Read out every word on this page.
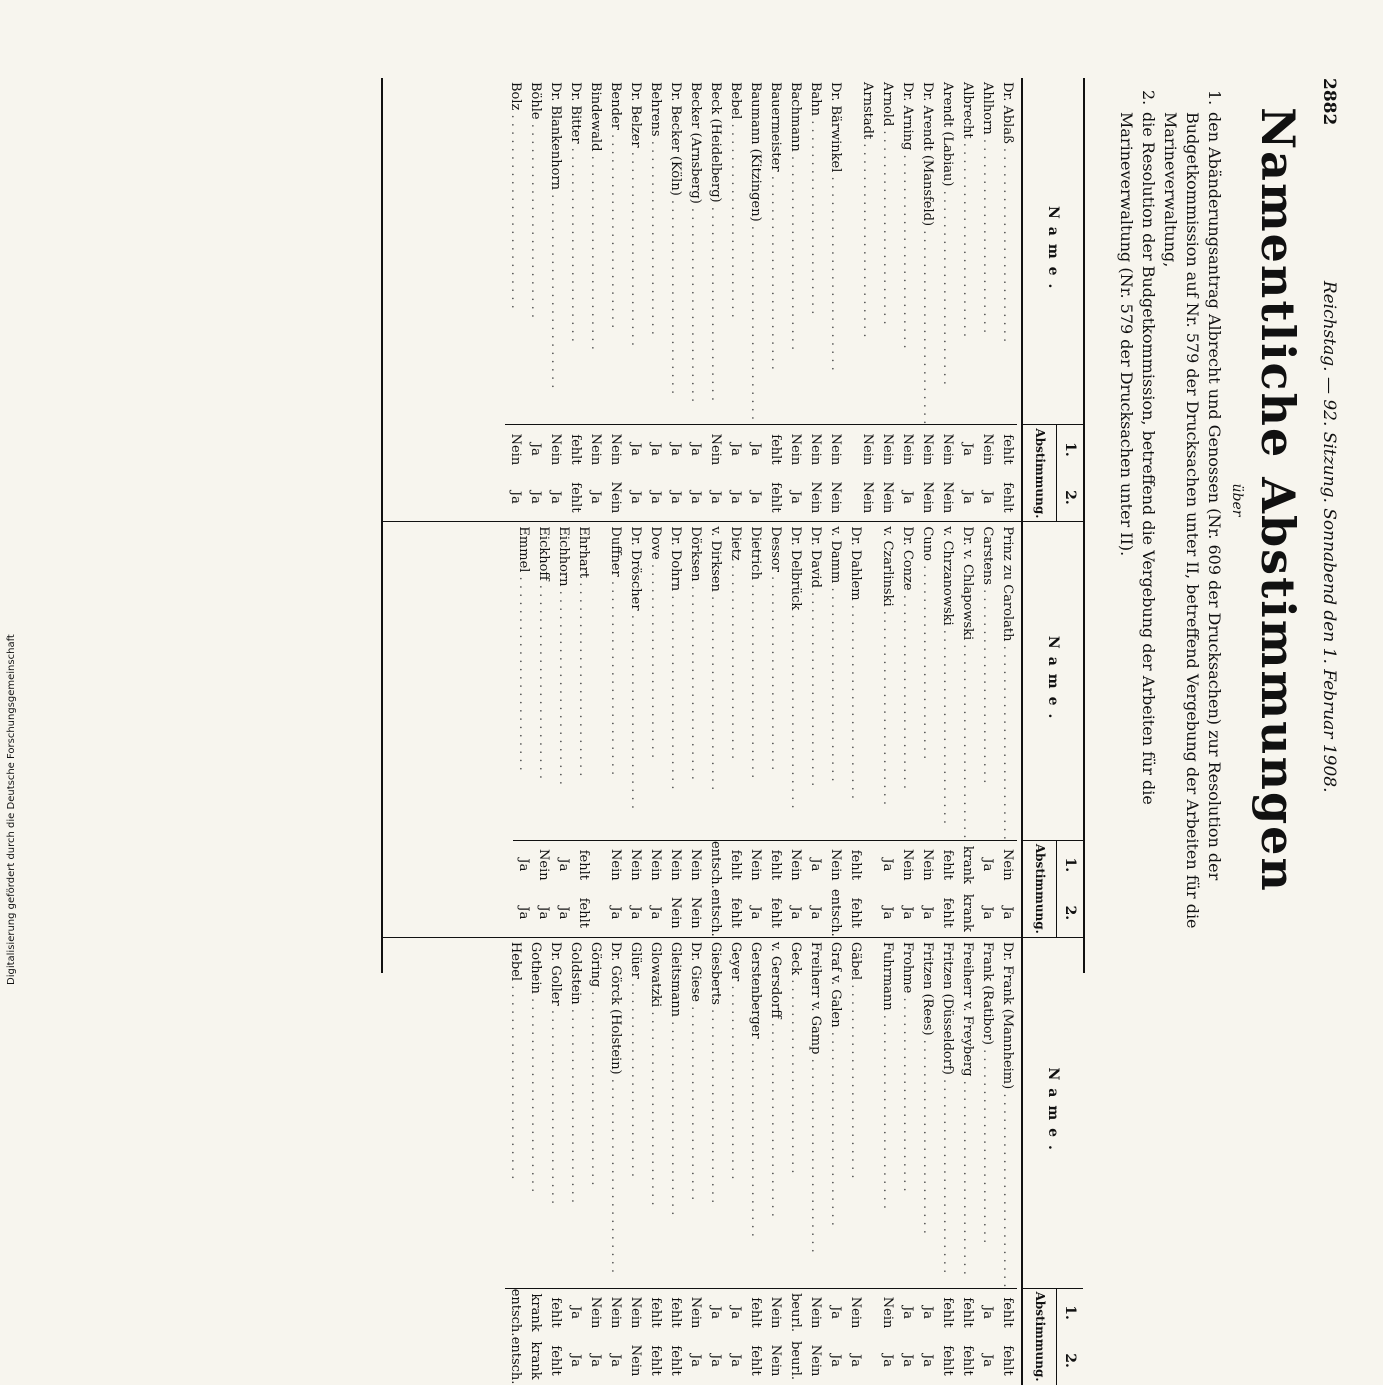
Digitalisierung gefördert durch die Deutsche Forschungsgemeinschaft
2882
Reichstag. — 92. Sitzung. Sonnabend den 1. Februar 1908.
Namentliche Abstimmungen
über
1.
den Abänderungsantrag Albrecht und Genossen (Nr. 609 der Drucksachen) zur Resolution der Budgetkommission auf Nr. 579 der Drucksachen unter II, betreffend Vergebung der Arbeiten für die Marineverwaltung,
2.
die Resolution der Budgetkommission, betreffend die Vergebung der Arbeiten für die Marineverwaltung (Nr. 579 der Drucksachen unter II).
Name.
1.
2.
Abstimmung.
Dr. Ablaß . . .
fehlt
fehlt
Ahlhorn . . .
Nein
Ja
Albrecht . . .
Ja
Ja
Arendt (Labiau) . . .
Nein
Nein
Dr. Arendt (Mansfeld) . . .
Nein
Nein
Dr. Arning . . .
Nein
Ja
Arnold . . .
Nein
Nein
Arnstadt . . .
Nein
Nein
Dr. Bärwinkel . . .
Nein
Nein
Bahn . . .
Nein
Nein
Bachmann . . .
Nein
Ja
Bauermeister . . .
fehlt
fehlt
Baumann (Kitzingen) . . .
Ja
Ja
Bebel . . .
Ja
Ja
Beck (Heidelberg) . . .
Nein
Ja
Becker (Arnsberg) . . .
Ja
Ja
Dr. Becker (Köln) . . .
Ja
Ja
Behrens . . .
Ja
Ja
Dr. Belzer . . .
Ja
Ja
Bender . . .
Nein
Nein
Bindewald . . .
Nein
Ja
Dr. Bitter . . .
fehlt
fehlt
Dr. Blankenhorn . . .
Nein
Ja
Böhle . . .
Ja
Ja
Bolz . . .
Nein
Ja
Name.
1.
2.
Abstimmung.
Prinz zu Carolath . . .
Nein
Ja
Carstens . . .
Ja
Ja
Dr. v. Chlapowski . . .
krank
krank
v. Chrzanowski . . .
fehlt
fehlt
Cuno . . .
Nein
Ja
Dr. Conze . . .
Nein
Ja
v. Czarlinski . . .
Ja
Ja
Dr. Dahlem . . .
fehlt
fehlt
v. Damm . . .
Nein
entsch.
Dr. David . . .
Ja
Ja
Dr. Delbrück . . .
Nein
Ja
Dessor . . .
fehlt
fehlt
Dietrich . . .
Nein
Ja
Dietz . . .
fehlt
fehlt
v. Dirksen . . .
entsch.
entsch.
Dörksen . . .
Nein
Nein
Dr. Dohrn . . .
Nein
Nein
Dove . . .
Nein
Ja
Dr. Dröscher . . .
Nein
Ja
Duffner . . .
Nein
Ja
Ehrhart . . .
fehlt
fehlt
Eichhorn . . .
Ja
Ja
Eickhoff . . .
Nein
Ja
Emmel . . .
Ja
Ja
Name.
1.
2.
Abstimmung.
Dr. Frank (Mannheim) . . .
fehlt
fehlt
Frank (Ratibor) . . .
Ja
Ja
Freiherr v. Freyberg . . .
fehlt
fehlt
Fritzen (Düsseldorf) . . .
fehlt
fehlt
Fritzen (Rees) . . .
Ja
Ja
Frohme . . .
Ja
Ja
Fuhrmann . . .
Nein
Ja
Gäbel . . .
Nein
Ja
Graf v. Galen . . .
Ja
Ja
Freiherr v. Gamp . . .
Nein
Nein
Geck . . .
beurl.
beurl.
v. Gersdorff . . .
Nein
Nein
Gerstenberger . . .
fehlt
fehlt
Geyer . . .
Ja
Ja
Giesberts . . .
Ja
Ja
Dr. Giese . . .
Nein
Ja
Gleitsmann . . .
fehlt
fehlt
Glowatzki . . .
fehlt
fehlt
Glüer . . .
Nein
Nein
Dr. Görck (Holstein) . . .
Nein
Ja
Göring . . .
Nein
Ja
Goldstein . . .
Ja
Ja
Dr. Goller . . .
fehlt
fehlt
Gothein . . .
krank
krank
Hebel . . .
entsch.
entsch.
